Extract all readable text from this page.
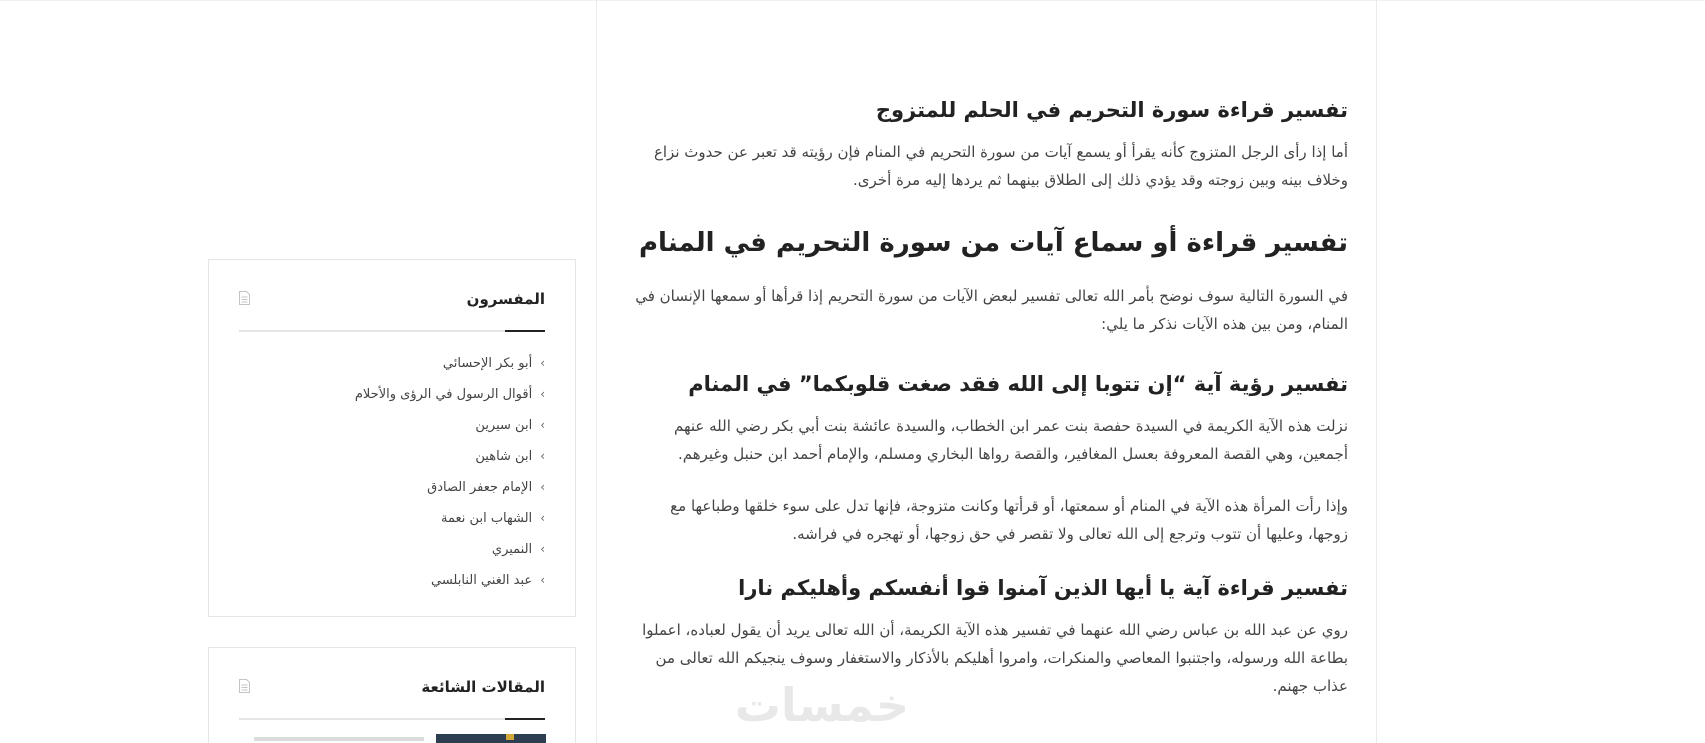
تفسير قراءة سورة التحريم في الحلم للمتزوج

أما إذا رأى الرجل المتزوج كأنه يقرأ أو يسمع آيات من سورة التحريم في المنام فإن رؤيته قد تعبر عن حدوث نزاع وخلاف بينه وبين زوجته وقد يؤدي ذلك إلى الطلاق بينهما ثم يردها إليه مرة أخرى.

تفسير قراءة أو سماع آيات من سورة التحريم في المنام

في السورة التالية سوف نوضح بأمر الله تعالى تفسير لبعض الآيات من سورة التحريم إذا قرأها أو سمعها الإنسان في المنام، ومن بين هذه الآيات نذكر ما يلي:

تفسير رؤية آية “إن تتوبا إلى الله فقد صغت قلوبكما” في المنام

نزلت هذه الآية الكريمة في السيدة حفصة بنت عمر ابن الخطاب، والسيدة عائشة بنت أبي بكر رضي الله عنهم أجمعين، وهي القصة المعروفة بعسل المغافير، والقصة رواها البخاري ومسلم، والإمام أحمد ابن حنبل وغيرهم.

وإذا رأت المرأة هذه الآية في المنام أو سمعتها، أو قرأتها وكانت متزوجة، فإنها تدل على سوء خلقها وطباعها مع زوجها، وعليها أن تتوب وترجع إلى الله تعالى ولا تقصر في حق زوجها، أو تهجره في فراشه.

تفسير قراءة آية يا أيها الذين آمنوا قوا أنفسكم وأهليكم نارا

روي عن عبد الله بن عباس رضي الله عنهما في تفسير هذه الآية الكريمة، أن الله تعالى يريد أن يقول لعباده، اعملوا بطاعة الله ورسوله، واجتنبوا المعاصي والمنكرات، وامروا أهليكم بالأذكار والاستغفار وسوف ينجيكم الله تعالى من عذاب جهنم.

المفسرون
›أبو بكر الإحسائي
›أقوال الرسول في الرؤى والأحلام
›ابن سيرين
›ابن شاهين
›الإمام جعفر الصادق
›الشهاب ابن نعمة
›النميري
›عبد الغني النابلسي
المقالات الشائعة	خمسات
